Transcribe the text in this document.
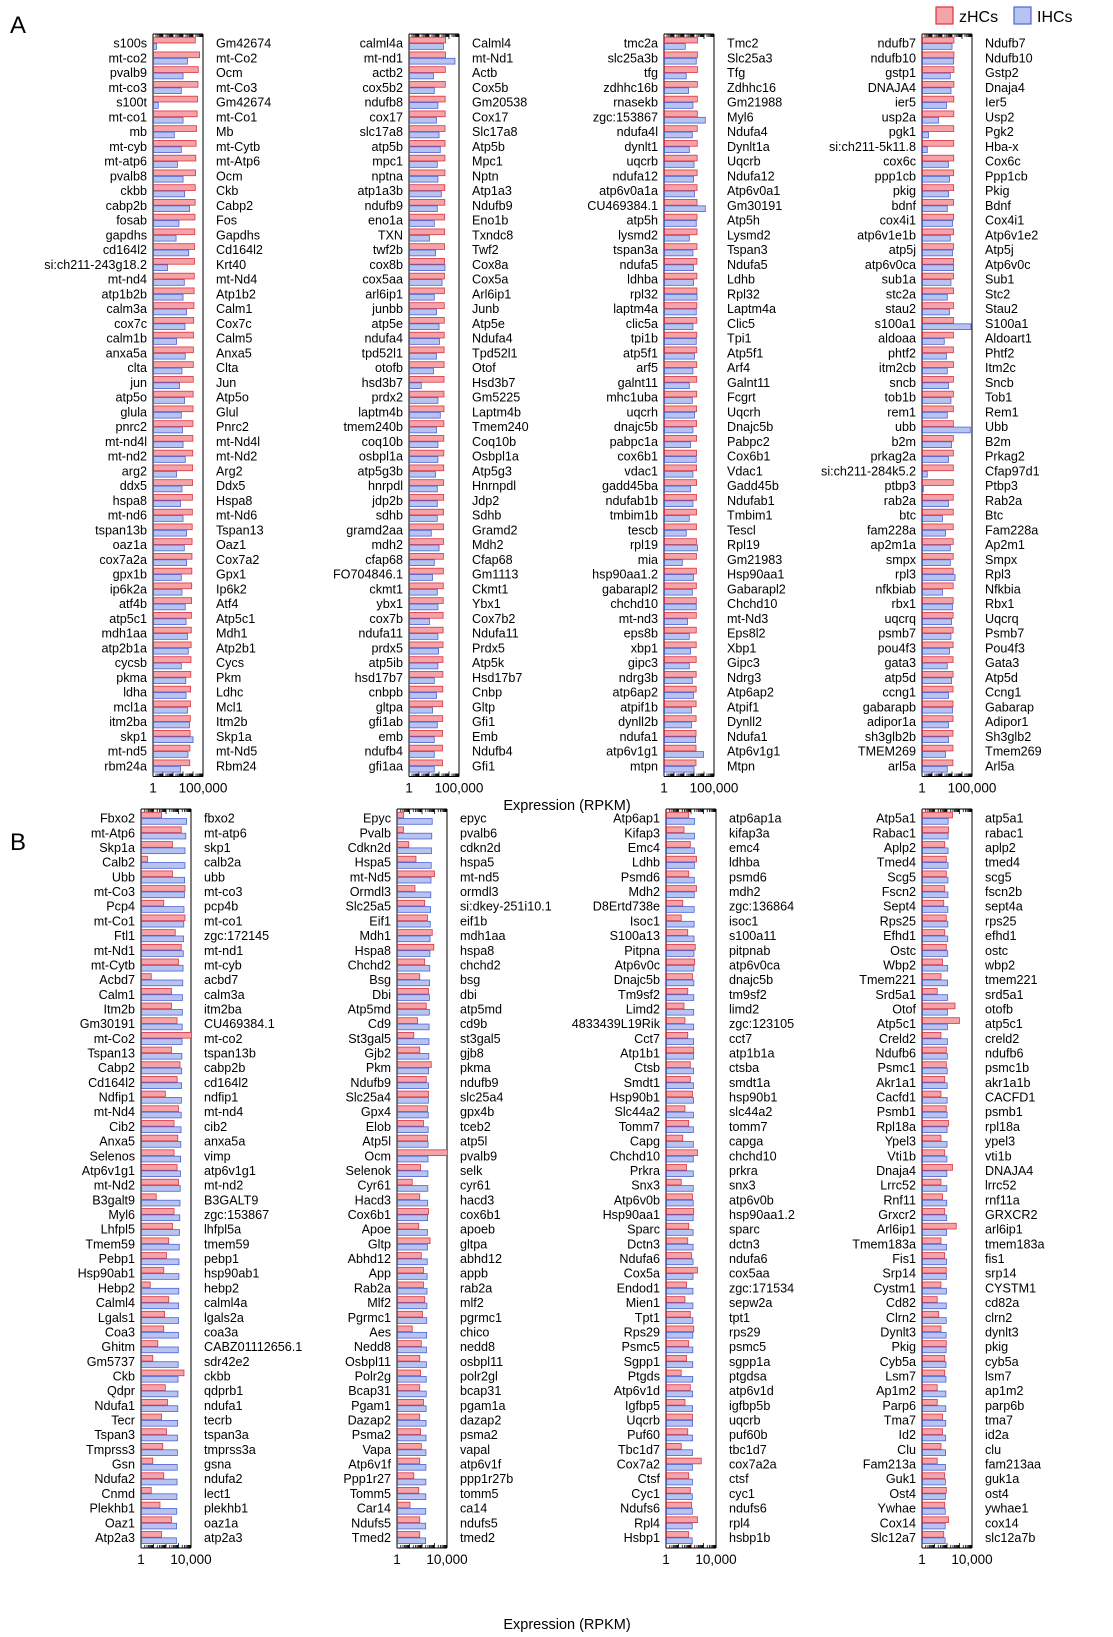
A
B
zHCs IHCs
1 100,000
s100s	Gm42674
mt-co2	mt-Co2
pvalb9	Ocm
mt-co3	mt-Co3
s100t	Gm42674
mt-co1	mt-Co1
mb	Mb
mt-cyb	mt-Cytb
mt-atp6	mt-Atp6
pvalb8	Ocm
ckbb	Ckb
cabp2b	Cabp2
fosab	Fos
gapdhs	Gapdhs
cd164l2	Cd164l2
si:ch211-243g18.2	Krt40
mt-nd4	mt-Nd4
atp1b2b	Atp1b2
calm3a	Calm1
cox7c	Cox7c
calm1b	Calm5
anxa5a	Anxa5
clta	Clta
jun	Jun
atp5o	Atp5o
glula	Glul
pnrc2	Pnrc2
mt-nd4l	mt-Nd4l
mt-nd2	mt-Nd2
arg2	Arg2
ddx5	Ddx5
hspa8	Hspa8
mt-nd6	mt-Nd6
tspan13b	Tspan13
oaz1a	Oaz1
cox7a2a	Cox7a2
gpx1b	Gpx1
ip6k2a	Ip6k2
atf4b	Atf4
atp5c1	Atp5c1
mdh1aa	Mdh1
atp2b1a	Atp2b1
cycsb	Cycs
pkma	Pkm
ldha	Ldhc
mcl1a	Mcl1
itm2ba	Itm2b
skp1	Skp1a
mt-nd5	mt-Nd5
rbm24a	Rbm24
1 100,000
calml4a	Calml4
mt-nd1	mt-Nd1
actb2	Actb
cox5b2	Cox5b
ndufb8	Gm20538
cox17	Cox17
slc17a8	Slc17a8
atp5b	Atp5b
mpc1	Mpc1
nptna	Nptn
atp1a3b	Atp1a3
ndufb9	Ndufb9
eno1a	Eno1b
TXN	Txndc8
twf2b	Twf2
cox8b	Cox8a
cox5aa	Cox5a
arl6ip1	Arl6ip1
junbb	Junb
atp5e	Atp5e
ndufa4	Ndufa4
tpd52l1	Tpd52l1
otofb	Otof
hsd3b7	Hsd3b7
prdx2	Gm5225
laptm4b	Laptm4b
tmem240b	Tmem240
coq10b	Coq10b
osbpl1a	Osbpl1a
atp5g3b	Atp5g3
hnrpdl	Hnrnpdl
jdp2b	Jdp2
sdhb	Sdhb
gramd2aa	Gramd2
mdh2	Mdh2
cfap68	Cfap68
FO704846.1	Gm1113
ckmt1	Ckmt1
ybx1	Ybx1
cox7b	Cox7b2
ndufa11	Ndufa11
prdx5	Prdx5
atp5ib	Atp5k
hsd17b7	Hsd17b7
cnbpb	Cnbp
gltpa	Gltp
gfi1ab	Gfi1
emb	Emb
ndufb4	Ndufb4
gfi1aa	Gfi1
1 100,000
tmc2a	Tmc2
slc25a3b	Slc25a3
tfg	Tfg
zdhhc16b	Zdhhc16
rnasekb	Gm21988
zgc:153867	Myl6
ndufa4l	Ndufa4
dynlt1	Dynlt1a
uqcrb	Uqcrb
ndufa12	Ndufa12
atp6v0a1a	Atp6v0a1
CU469384.1	Gm30191
atp5h	Atp5h
lysmd2	Lysmd2
tspan3a	Tspan3
ndufa5	Ndufa5
ldhba	Ldhb
rpl32	Rpl32
laptm4a	Laptm4a
clic5a	Clic5
tpi1b	Tpi1
atp5f1	Atp5f1
arf5	Arf4
galnt11	Galnt11
mhc1uba	Fcgrt
uqcrh	Uqcrh
dnajc5b	Dnajc5b
pabpc1a	Pabpc2
cox6b1	Cox6b1
vdac1	Vdac1
gadd45ba	Gadd45b
ndufab1b	Ndufab1
tmbim1b	Tmbim1
tescb	Tescl
rpl19	Rpl19
mia	Gm21983
hsp90aa1.2	Hsp90aa1
gabarapl2	Gabarapl2
chchd10	Chchd10
mt-nd3	mt-Nd3
eps8b	Eps8l2
xbp1	Xbp1
gipc3	Gipc3
ndrg3b	Ndrg3
atp6ap2	Atp6ap2
atpif1b	Atpif1
dynll2b	Dynll2
ndufa1	Ndufa1
atp6v1g1	Atp6v1g1
mtpn	Mtpn
1 100,000
ndufb7	Ndufb7
ndufb10	Ndufb10
gstp1	Gstp2
DNAJA4	Dnaja4
ier5	Ier5
usp2a	Usp2
pgk1	Pgk2
si:ch211-5k11.8	Hba-x
cox6c	Cox6c
ppp1cb	Ppp1cb
pkig	Pkig
bdnf	Bdnf
cox4i1	Cox4i1
atp6v1e1b	Atp6v1e2
atp5j	Atp5j
atp6v0ca	Atp6v0c
sub1a	Sub1
stc2a	Stc2
stau2	Stau2
s100a1	S100a1
aldoaa	Aldoart1
phtf2	Phtf2
itm2cb	Itm2c
sncb	Sncb
tob1b	Tob1
rem1	Rem1
ubb	Ubb
b2m	B2m
prkag2a	Prkag2
si:ch211-284k5.2	Cfap97d1
ptbp3	Ptbp3
rab2a	Rab2a
btc	Btc
fam228a	Fam228a
ap2m1a	Ap2m1
smpx	Smpx
rpl3	Rpl3
nfkbiab	Nfkbia
rbx1	Rbx1
uqcrq	Uqcrq
psmb7	Psmb7
pou4f3	Pou4f3
gata3	Gata3
atp5d	Atp5d
ccng1	Ccng1
gabarapb	Gabarap
adipor1a	Adipor1
sh3glb2b	Sh3glb2
TMEM269	Tmem269
arl5a	Arl5a
1 10,000
Fbxo2	fbxo2
mt-Atp6	mt-atp6
Skp1a	skp1
Calb2	calb2a
Ubb	ubb
mt-Co3	mt-co3
Pcp4	pcp4b
mt-Co1	mt-co1
Ftl1	zgc:172145
mt-Nd1	mt-nd1
mt-Cytb	mt-cyb
Acbd7	acbd7
Calm1	calm3a
Itm2b	itm2ba
Gm30191	CU469384.1
mt-Co2	mt-co2
Tspan13	tspan13b
Cabp2	cabp2b
Cd164l2	cd164l2
Ndfip1	ndfip1
mt-Nd4	mt-nd4
Cib2	cib2
Anxa5	anxa5a
Selenos	vimp
Atp6v1g1	atp6v1g1
mt-Nd2	mt-nd2
B3galt9	B3GALT9
Myl6	zgc:153867
Lhfpl5	lhfpl5a
Tmem59	tmem59
Pebp1	pebp1
Hsp90ab1	hsp90ab1
Hebp2	hebp2
Calml4	calml4a
Lgals1	lgals2a
Coa3	coa3a
Ghitm	CABZ01112656.1
Gm5737	sdr42e2
Ckb	ckbb
Qdpr	qdprb1
Ndufa1	ndufa1
Tecr	tecrb
Tspan3	tspan3a
Tmprss3	tmprss3a
Gsn	gsna
Ndufa2	ndufa2
Cnmd	lect1
Plekhb1	plekhb1
Oaz1	oaz1a
Atp2a3	atp2a3
1 10,000
Epyc	epyc
Pvalb	pvalb6
Cdkn2d	cdkn2d
Hspa5	hspa5
mt-Nd5	mt-nd5
Ormdl3	ormdl3
Slc25a5	si:dkey-251i10.1
Eif1	eif1b
Mdh1	mdh1aa
Hspa8	hspa8
Chchd2	chchd2
Bsg	bsg
Dbi	dbi
Atp5md	atp5md
Cd9	cd9b
St3gal5	st3gal5
Gjb2	gjb8
Pkm	pkma
Ndufb9	ndufb9
Slc25a4	slc25a4
Gpx4	gpx4b
Elob	tceb2
Atp5l	atp5l
Ocm	pvalb9
Selenok	selk
Cyr61	cyr61
Hacd3	hacd3
Cox6b1	cox6b1
Apoe	apoeb
Gltp	gltpa
Abhd12	abhd12
App	appb
Rab2a	rab2a
Mlf2	mlf2
Pgrmc1	pgrmc1
Aes	chico
Nedd8	nedd8
Osbpl11	osbpl11
Polr2g	polr2gl
Bcap31	bcap31
Pgam1	pgam1a
Dazap2	dazap2
Psma2	psma2
Vapa	vapal
Atp6v1f	atp6v1f
Ppp1r27	ppp1r27b
Tomm5	tomm5
Car14	ca14
Ndufs5	ndufs5
Tmed2	tmed2
1 10,000
Atp6ap1	atp6ap1a
Kifap3	kifap3a
Emc4	emc4
Ldhb	ldhba
Psmd6	psmd6
Mdh2	mdh2
D8Ertd738e	zgc:136864
Isoc1	isoc1
S100a13	s100a11
Pitpna	pitpnab
Atp6v0c	atp6v0ca
Dnajc5b	dnajc5b
Tm9sf2	tm9sf2
Limd2	limd2
4833439L19Rik	zgc:123105
Cct7	cct7
Atp1b1	atp1b1a
Ctsb	ctsba
Smdt1	smdt1a
Hsp90b1	hsp90b1
Slc44a2	slc44a2
Tomm7	tomm7
Capg	capga
Chchd10	chchd10
Prkra	prkra
Snx3	snx3
Atp6v0b	atp6v0b
Hsp90aa1	hsp90aa1.2
Sparc	sparc
Dctn3	dctn3
Ndufa6	ndufa6
Cox5a	cox5aa
Endod1	zgc:171534
Mien1	sepw2a
Tpt1	tpt1
Rps29	rps29
Psmc5	psmc5
Sgpp1	sgpp1a
Ptgds	ptgdsa
Atp6v1d	atp6v1d
Igfbp5	igfbp5b
Uqcrb	uqcrb
Puf60	puf60b
Tbc1d7	tbc1d7
Cox7a2	cox7a2a
Ctsf	ctsf
Cyc1	cyc1
Ndufs6	ndufs6
Rpl4	rpl4
Hsbp1	hsbp1b
1 10,000
Atp5a1	atp5a1
Rabac1	rabac1
Aplp2	aplp2
Tmed4	tmed4
Scg5	scg5
Fscn2	fscn2b
Sept4	sept4a
Rps25	rps25
Efhd1	efhd1
Ostc	ostc
Wbp2	wbp2
Tmem221	tmem221
Srd5a1	srd5a1
Otof	otofb
Atp5c1	atp5c1
Creld2	creld2
Ndufb6	ndufb6
Psmc1	psmc1b
Akr1a1	akr1a1b
Cacfd1	CACFD1
Psmb1	psmb1
Rpl18a	rpl18a
Ypel3	ypel3
Vti1b	vti1b
Dnaja4	DNAJA4
Lrrc52	lrrc52
Rnf11	rnf11a
Grxcr2	GRXCR2
Arl6ip1	arl6ip1
Tmem183a	tmem183a
Fis1	fis1
Srp14	srp14
Cystm1	CYSTM1
Cd82	cd82a
Clrn2	clrn2
Dynlt3	dynlt3
Pkig	pkig
Cyb5a	cyb5a
Lsm7	lsm7
Ap1m2	ap1m2
Parp6	parp6b
Tma7	tma7
Id2	id2a
Clu	clu
Fam213a	fam213aa
Guk1	guk1a
Ost4	ost4
Ywhae	ywhae1
Cox14	cox14
Slc12a7	slc12a7b
Expression (RPKM)
Expression (RPKM)
